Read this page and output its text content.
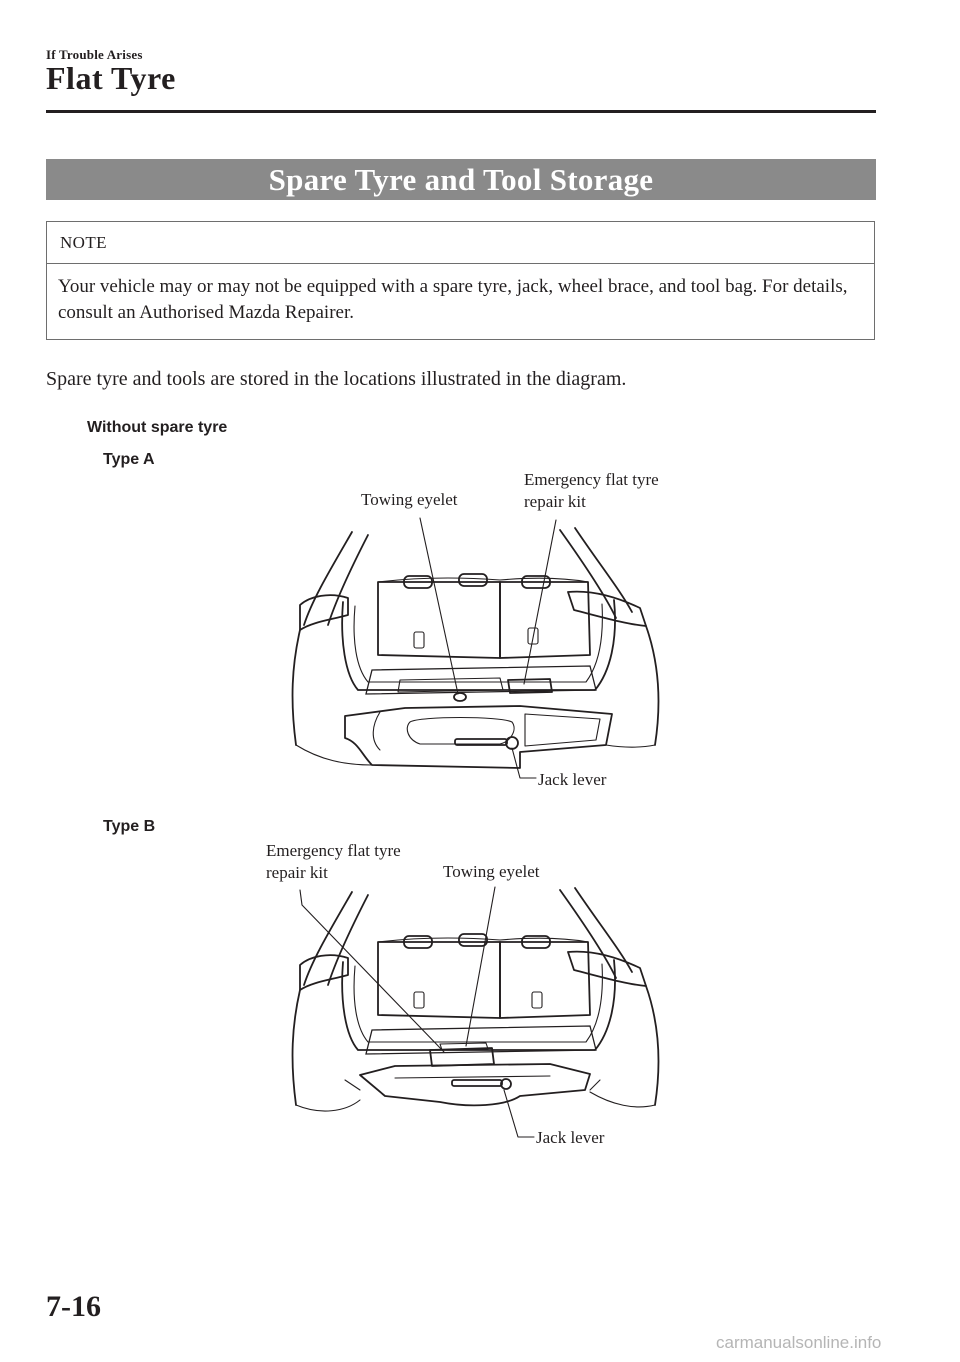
If Trouble Arises
Flat Tyre
Spare Tyre and Tool Storage
NOTE
Your vehicle may or may not be equipped with a spare tyre, jack, wheel brace, and tool bag. For details, consult an Authorised Mazda Repairer.
Spare tyre and tools are stored in the locations illustrated in the diagram.
Without spare tyre
Type A
Towing eyelet
Emergency flat tyre
repair kit
Jack lever
Type B
Emergency flat tyre
repair kit	Towing eyelet
Jack lever
7-16
carmanualsonline.info
